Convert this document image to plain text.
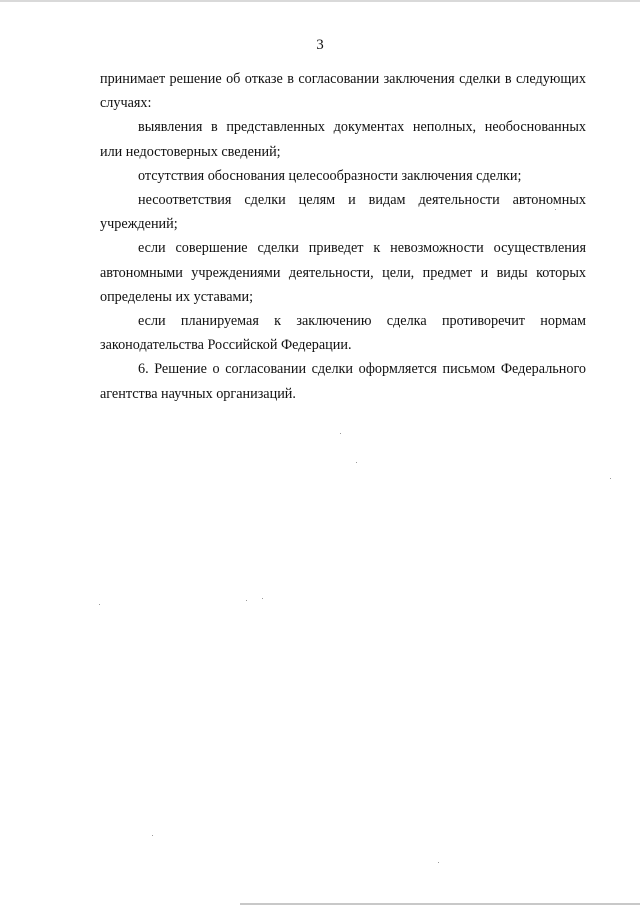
3

принимает решение об отказе в согласовании заключения сделки в следующих случаях:

выявления в представленных документах неполных, необоснованных или недостоверных сведений;

отсутствия обоснования целесообразности заключения сделки;

несоответствия сделки целям и видам деятельности автономных учреждений;

если совершение сделки приведет к невозможности осуществления автономными учреждениями деятельности, цели, предмет и виды которых определены их уставами;

если планируемая к заключению сделка противоречит нормам законодательства Российской Федерации.

6. Решение о согласовании сделки оформляется письмом Федерального агентства научных организаций.
